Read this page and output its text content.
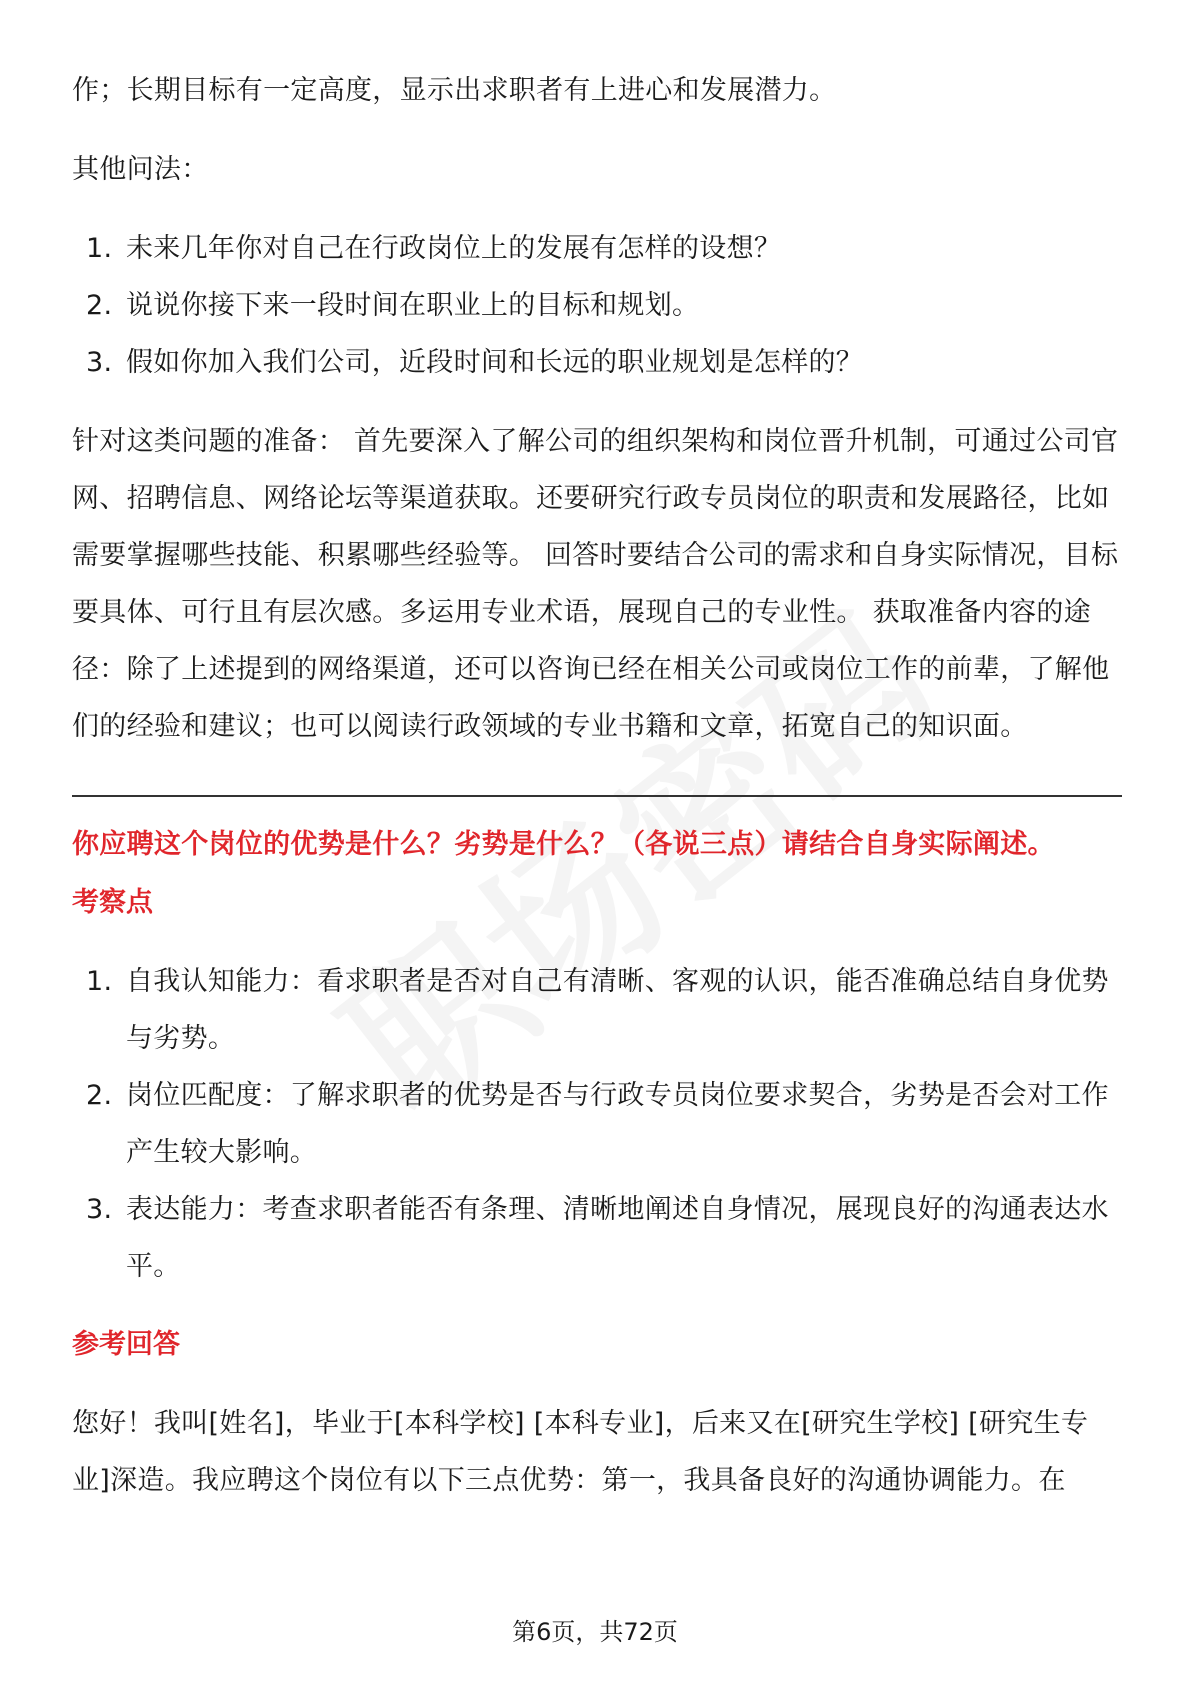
作；长期目标有一定高度，显示出求职者有上进心和发展潜力。

其他问法：

1. 未来几年你对自己在行政岗位上的发展有怎样的设想？
2. 说说你接下来一段时间在职业上的目标和规划。
3. 假如你加入我们公司，近段时间和长远的职业规划是怎样的？

针对这类问题的准备： 首先要深入了解公司的组织架构和岗位晋升机制，可通过公司官网、招聘信息、网络论坛等渠道获取。还要研究行政专员岗位的职责和发展路径，比如需要掌握哪些技能、积累哪些经验等。 回答时要结合公司的需求和自身实际情况，目标要具体、可行且有层次感。多运用专业术语，展现自己的专业性。 获取准备内容的途径：除了上述提到的网络渠道，还可以咨询已经在相关公司或岗位工作的前辈，了解他们的经验和建议；也可以阅读行政领域的专业书籍和文章，拓宽自己的知识面。

你应聘这个岗位的优势是什么？劣势是什么？（各说三点）请结合自身实际阐述。

考察点

1. 自我认知能力：看求职者是否对自己有清晰、客观的认识，能否准确总结自身优势与劣势。
2. 岗位匹配度：了解求职者的优势是否与行政专员岗位要求契合，劣势是否会对工作产生较大影响。
3. 表达能力：考查求职者能否有条理、清晰地阐述自身情况，展现良好的沟通表达水平。

参考回答

您好！我叫[姓名]，毕业于[本科学校] [本科专业]，后来又在[研究生学校] [研究生专业]深造。我应聘这个岗位有以下三点优势：第一，我具备良好的沟通协调能力。在

第6页，共72页
